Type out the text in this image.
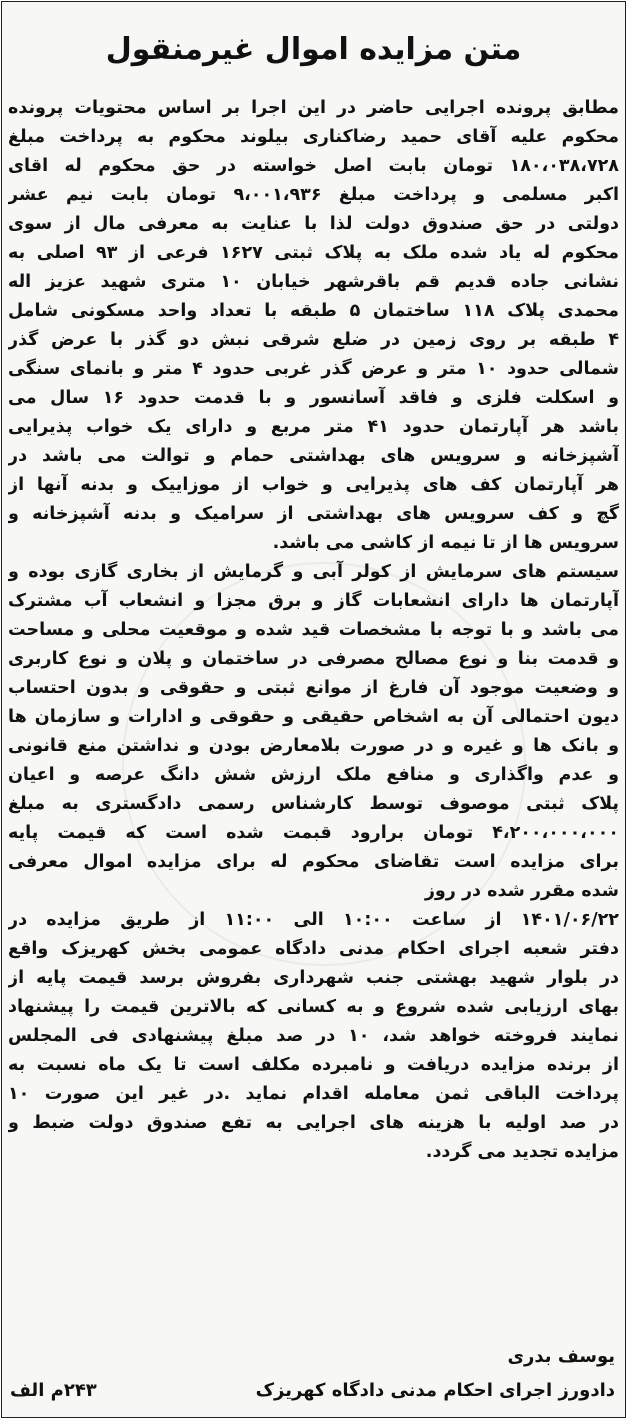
متن مزایده اموال غیرمنقول
مطابق پرونده اجرایی حاضر در این اجرا بر اساس محتویات پرونده
محکوم علیه آقای حمید رضاکناری بیلوند محکوم به پرداخت مبلغ
۱۸۰،۰۳۸،۷۲۸ تومان بابت اصل خواسته در حق محکوم له اقای
اکبر مسلمی و پرداخت مبلغ ۹،۰۰۱،۹۳۶ تومان بابت نیم عشر
دولتی در حق صندوق دولت لذا با عنایت به معرفی مال از سوی
محکوم له یاد شده ملک به پلاک ثبتی ۱۶۲۷ فرعی از ۹۳ اصلی به
نشانی جاده قدیم قم باقرشهر خیابان ۱۰ متری شهید عزیز اله
محمدی پلاک ۱۱۸ ساختمان ۵ طبقه با تعداد واحد مسکونی شامل
۴ طبقه بر روی زمین در ضلع شرقی نبش دو گذر با عرض گذر
شمالی حدود ۱۰ متر و عرض گذر غربی حدود ۴ متر و بانمای سنگی
و اسکلت فلزی و فاقد آسانسور و با قدمت حدود ۱۶ سال می
باشد هر آپارتمان حدود ۴۱ متر مربع و دارای یک خواب پذیرایی
آشپزخانه و سرویس های بهداشتی حمام و توالت می باشد در
هر آپارتمان کف های پذیرایی و خواب از موزاییک و بدنه آنها از
گچ و کف سرویس های بهداشتی از سرامیک و بدنه آشپزخانه و
سرویس ها از تا نیمه از کاشی می باشد.
سیستم های سرمایش از کولر آبی و گرمایش از بخاری گازی بوده و
آپارتمان ها دارای انشعابات گاز و برق مجزا و انشعاب آب مشترک
می باشد و با توجه با مشخصات قید شده و موقعیت محلی و مساحت
و قدمت بنا و نوع مصالح مصرفی در ساختمان و پلان و نوع کاربری
و وضعیت موجود آن فارغ از موانع ثبتی و حقوقی و بدون احتساب
دیون احتمالی آن به اشخاص حقیقی و حقوقی و ادارات و سازمان ها
و بانک ها و غیره و در صورت بلامعارض بودن و نداشتن منع قانونی
و عدم واگذاری و منافع ملک ارزش شش دانگ عرصه و اعیان
پلاک ثبتی موصوف توسط کارشناس رسمی دادگستری به مبلغ
۴،۲۰۰،۰۰۰،۰۰۰ تومان برارود قبمت شده است که قیمت پایه
برای مزایده است تقاضای محکوم له برای مزایده اموال معرفی
شده مقرر شده در روز
۱۴۰۱/۰۶/۲۲ از ساعت ۱۰:۰۰ الی ۱۱:۰۰ از طریق مزایده در
دفتر شعبه اجرای احکام مدنی دادگاه عمومی بخش کهریزک واقع
در بلوار شهید بهشتی جنب شهرداری بفروش برسد قیمت پایه از
بهای ارزیابی شده شروع و به کسانی که بالاترین قیمت را پیشنهاد
نمایند فروخته خواهد شد، ۱۰ در صد مبلغ پیشنهادی فی المجلس
از برنده مزایده دریافت و نامبرده مکلف است تا یک ماه نسبت به
پرداخت الباقی ثمن معامله اقدام نماید .در غیر این صورت ۱۰
در صد اولیه با هزینه های اجرایی به تفع صندوق دولت ضبط و
مزایده تجدید می گردد.
یوسف بدری
دادورز اجرای احکام مدنی دادگاه کهریزک
۲۴۳م الف
